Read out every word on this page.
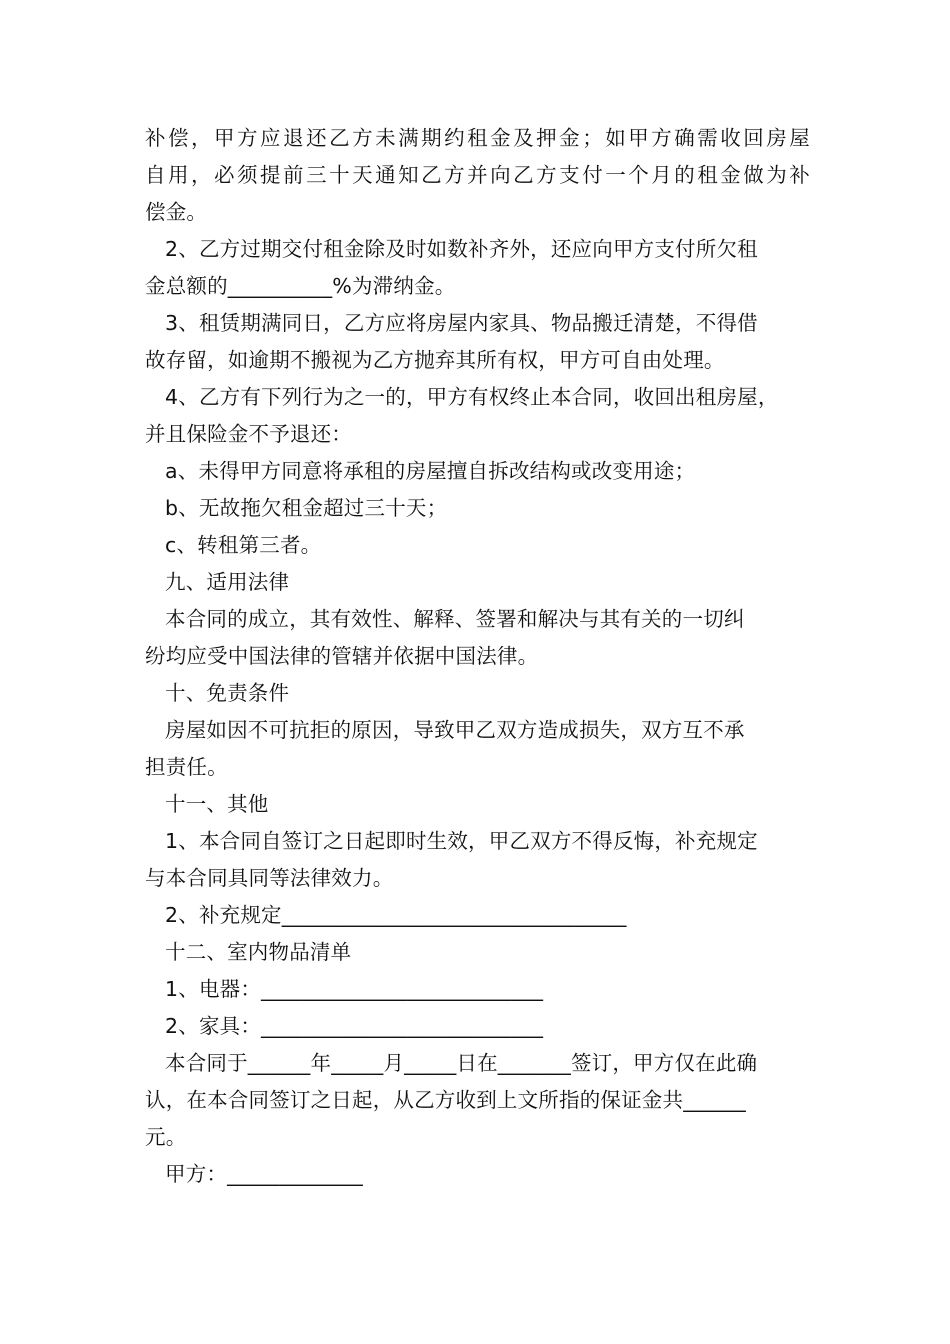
补偿，甲方应退还乙方未满期约租金及押金；如甲方确需收回房屋
自用，必须提前三十天通知乙方并向乙方支付一个月的租金做为补
偿金。
2、乙方过期交付租金除及时如数补齐外，还应向甲方支付所欠租
金总额的__________%为滞纳金。
3、租赁期满同日，乙方应将房屋内家具、物品搬迁清楚，不得借
故存留，如逾期不搬视为乙方抛弃其所有权，甲方可自由处理。
4、乙方有下列行为之一的，甲方有权终止本合同，收回出租房屋，
并且保险金不予退还：
a、未得甲方同意将承租的房屋擅自拆改结构或改变用途；
b、无故拖欠租金超过三十天；
c、转租第三者。
九、适用法律
本合同的成立，其有效性、解释、签署和解决与其有关的一切纠
纷均应受中国法律的管辖并依据中国法律。
十、免责条件
房屋如因不可抗拒的原因，导致甲乙双方造成损失，双方互不承
担责任。
十一、其他
1、本合同自签订之日起即时生效，甲乙双方不得反悔，补充规定
与本合同具同等法律效力。
2、补充规定_________________________________
十二、室内物品清单
1、电器：___________________________
2、家具：___________________________
本合同于______年_____月_____日在_______签订，甲方仅在此确
认，在本合同签订之日起，从乙方收到上文所指的保证金共______
元。
甲方：_____________
